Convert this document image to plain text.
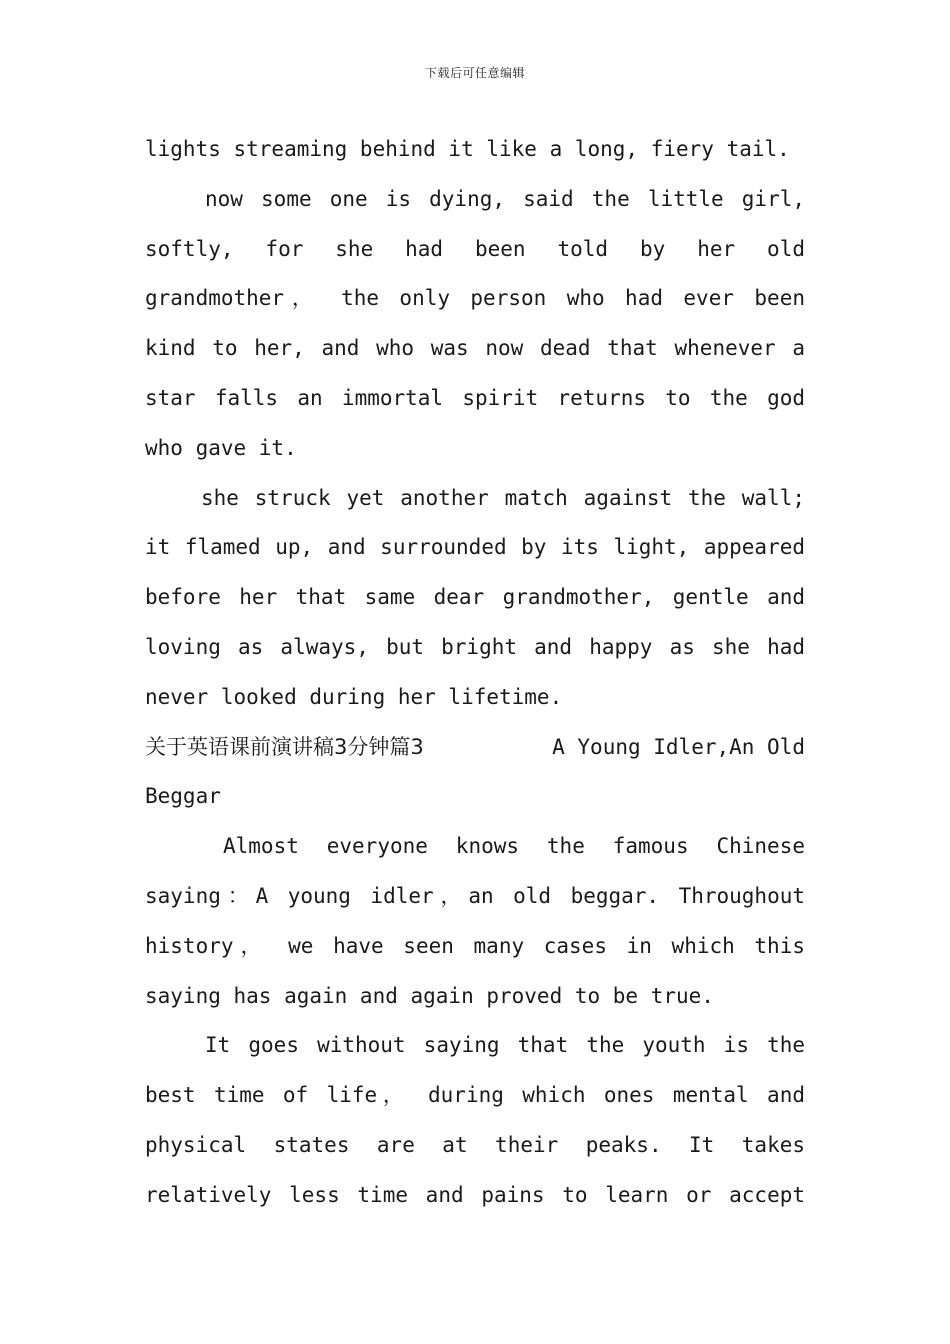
下载后可任意编辑
lights streaming behind it like a long, fiery tail.
now some one is dying, said the little girl,
softly, for she had been told by her old
grandmother， the only person who had ever been
kind to her, and who was now dead that whenever a
star falls an immortal spirit returns to the god
who gave it.
she struck yet another match against the wall;
it flamed up, and surrounded by its light, appeared
before her that same dear grandmother, gentle and
loving as always, but bright and happy as she had
never looked during her lifetime.
关于英语课前演讲稿3分钟篇3	A Young Idler,An Old
Beggar
Almost everyone knows the famous Chinese
saying：A young idler，an old beggar. Throughout
history， we have seen many cases in which this
saying has again and again proved to be true.
It goes without saying that the youth is the
best time of life， during which ones mental and
physical states are at their peaks. It takes
relatively less time and pains to learn or accept
